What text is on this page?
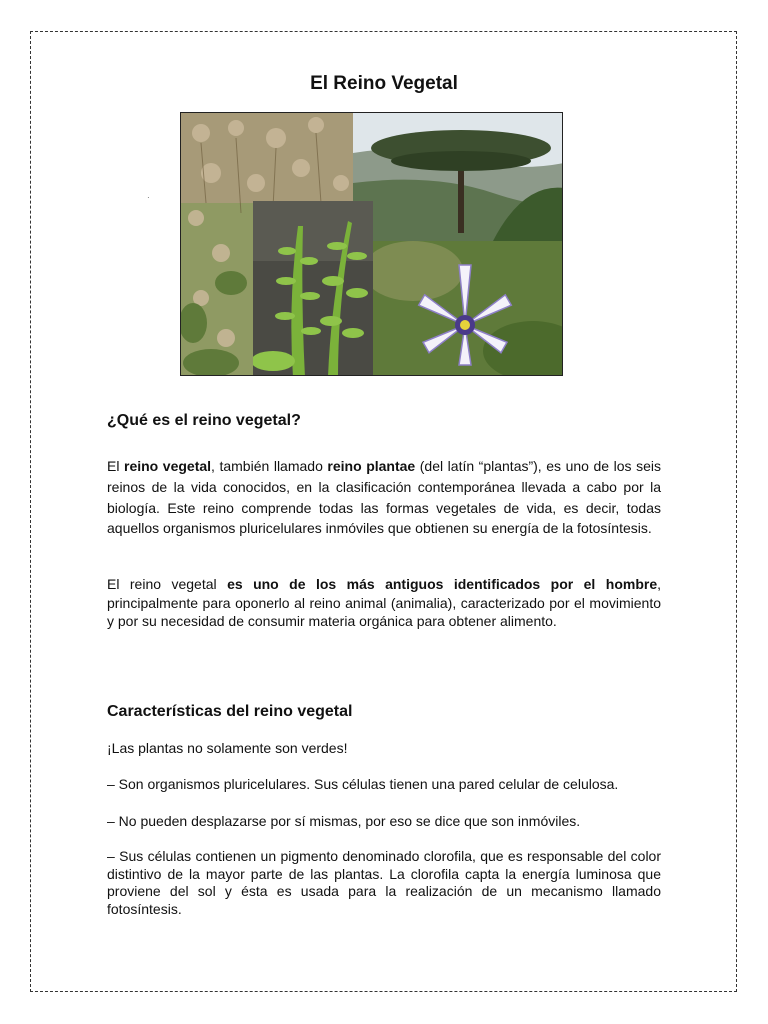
El Reino Vegetal
·
¿Qué es el reino vegetal?

El reino vegetal, también llamado reino plantae (del latín “plantas”), es uno de los seis reinos de la vida conocidos, en la clasificación contemporánea llevada a cabo por la biología. Este reino comprende todas las formas vegetales de vida, es decir, todas aquellos organismos pluricelulares inmóviles que obtienen su energía de la fotosíntesis.

El reino vegetal es uno de los más antiguos identificados por el hombre, principalmente para oponerlo al reino animal (animalia), caracterizado por el movimiento y por su necesidad de consumir materia orgánica para obtener alimento.

Características del reino vegetal

¡Las plantas no solamente son verdes!

– Son organismos pluricelulares. Sus células tienen una pared celular de celulosa.

– No pueden desplazarse por sí mismas, por eso se dice que son inmóviles.

– Sus células contienen un pigmento denominado clorofila, que es responsable del color distintivo de la mayor parte de las plantas. La clorofila capta la energía luminosa que proviene del sol y ésta es usada para la realización de un mecanismo llamado fotosíntesis.
